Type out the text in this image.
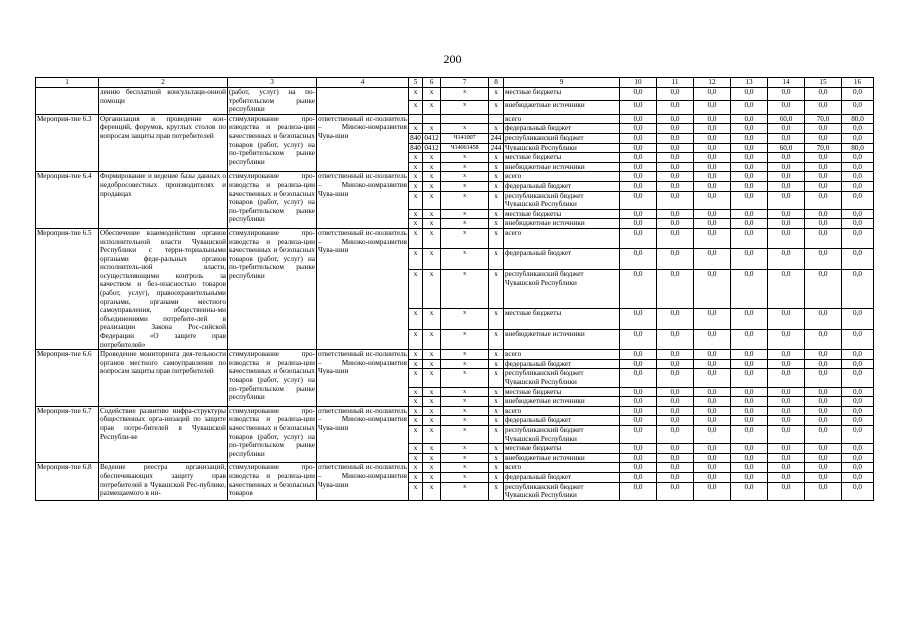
200
1	2	3	4	5	6	7	8	9	10	11	12	13	14	15	16
	лению бесплатной консультаци-онной помощи	(работ, услуг) на по-требительском рынке республики		x	x	x	x	местные бюджеты	0,0	0,0	0,0	0,0	0,0	0,0	0,0
				x	x	x	x	внебюджетные источники	0,0	0,0	0,0	0,0	0,0	0,0	0,0
Мероприя-тие 6.3	Организация и проведение кон-ференций, форумов, круглых столов по вопросам защиты прав потребителей	стимулирование про-изводства и реализа-ции качественных и безопасных товаров (работ, услуг) на по-требительском рынке республики	ответственный ис-полнитель – Минэко-номразвития Чува-шии					всего	0,0	0,0	0,0	0,0	60,0	70,0	80,0
				x	x	x	x	федеральный бюджет	0,0	0,0	0,0	0,0	0,0	0,0	0,0
				840	0412	Ч141007	244	республиканский бюджет	0,0	0,0	0,0	0,0	0,0	0,0	0,0
				840	0412	Ч14061458	244	Чувашской Республики	0,0	0,0	0,0	0,0	60,0	70,0	80,0
				x	x	x	x	местные бюджеты	0,0	0,0	0,0	0,0	0,0	0,0	0,0
				x	x	x	x	внебюджетные источники	0,0	0,0	0,0	0,0	0,0	0,0	0,0
Мероприя-тие 6.4	Формирование и ведение базы данных о недобросовестных производителях и продавцах	стимулирование про-изводства и реализа-ции качественных и безопасных товаров (работ, услуг) на по-требительском рынке республики	ответственный ис-полнитель – Минэко-номразвития Чува-шии	x	x	x	x	всего	0,0	0,0	0,0	0,0	0,0	0,0	0,0
				x	x	x	x	федеральный бюджет	0,0	0,0	0,0	0,0	0,0	0,0	0,0
				x	x	x	x	республиканский бюджет Чувашской Республики	0,0	0,0	0,0	0,0	0,0	0,0	0,0
				x	x	x	x	местные бюджеты	0,0	0,0	0,0	0,0	0,0	0,0	0,0
				x	x	x	x	внебюджетные источники	0,0	0,0	0,0	0,0	0,0	0,0	0,0
Мероприя-тие 6.5	Обеспечение взаимодействия органов исполнительной власти Чувашской Республики с терри-ториальными органами феде-ральных органов исполнитель-ной власти, осуществляющими контроль за качеством и без-опасностью товаров (работ, услуг), правоохранительными органами, органами местного самоуправления, общественны-ми объединениями потребите-лей в реализации Закона Рос-сийской Федерации «О защите прав потребителей»	стимулирование про-изводства и реализа-ции качественных и безопасных товаров (работ, услуг) на по-требительском рынке республики	ответственный ис-полнитель – Минэко-номразвития Чува-шии	x	x	x	x	всего	0,0	0,0	0,0	0,0	0,0	0,0	0,0
				x	x	x	x	федеральный бюджет	0,0	0,0	0,0	0,0	0,0	0,0	0,0
				x	x	x	x	республиканский бюджет Чувашской Республики	0,0	0,0	0,0	0,0	0,0	0,0	0,0
				x	x	x	x	местные бюджеты	0,0	0,0	0,0	0,0	0,0	0,0	0,0
				x	x	x	x	внебюджетные источники	0,0	0,0	0,0	0,0	0,0	0,0	0,0
Мероприя-тие 6.6	Проведение мониторинга дея-тельности органов местного самоуправления по вопросам защиты прав потребителей	стимулирование про-изводства и реализа-ции качественных и безопасных товаров (работ, услуг) на по-требительском рынке республики	ответственный ис-полнитель – Минэко-номразвития Чува-шии	x	x	x	x	всего	0,0	0,0	0,0	0,0	0,0	0,0	0,0
				x	x	x	x	федеральный бюджет	0,0	0,0	0,0	0,0	0,0	0,0	0,0
				x	x	x	x	республиканский бюджет Чувашской Республики	0,0	0,0	0,0	0,0	0,0	0,0	0,0
				x	x	x	x	местные бюджеты	0,0	0,0	0,0	0,0	0,0	0,0	0,0
				x	x	x	x	внебюджетные источники	0,0	0,0	0,0	0,0	0,0	0,0	0,0
Мероприя-тие 6.7	Содействие развитию инфра-структуры общественных орга-низаций по защите прав потре-бителей в Чувашской Республи-ке	стимулирование про-изводства и реализа-ции качественных и безопасных товаров (работ, услуг) на по-требительском рынке республики	ответственный ис-полнитель – Минэко-номразвития Чува-шии	x	x	x	x	всего	0,0	0,0	0,0	0,0	0,0	0,0	0,0
				x	x	x	x	федеральный бюджет	0,0	0,0	0,0	0,0	0,0	0,0	0,0
				x	x	x	x	республиканский бюджет Чувашской Республики	0,0	0,0	0,0	0,0	0,0	0,0	0,0
				x	x	x	x	местные бюджеты	0,0	0,0	0,0	0,0	0,0	0,0	0,0
				x	x	x	x	внебюджетные источники	0,0	0,0	0,0	0,0	0,0	0,0	0,0
Мероприя-тие 6.8	Ведение реестра организаций, обеспечивающих защиту прав потребителей в Чувашской Рес-публике, размещаемого в ин-	стимулирование про-изводства и реализа-ции качественных и безопасных товаров	ответственный ис-полнитель – Минэко-номразвития Чува-шии	x	x	x	x	всего	0,0	0,0	0,0	0,0	0,0	0,0	0,0
				x	x	x	x	федеральный бюджет	0,0	0,0	0,0	0,0	0,0	0,0	0,0
				x	x	x	x	республиканский бюджет Чувашской Республики	0,0	0,0	0,0	0,0	0,0	0,0	0,0
